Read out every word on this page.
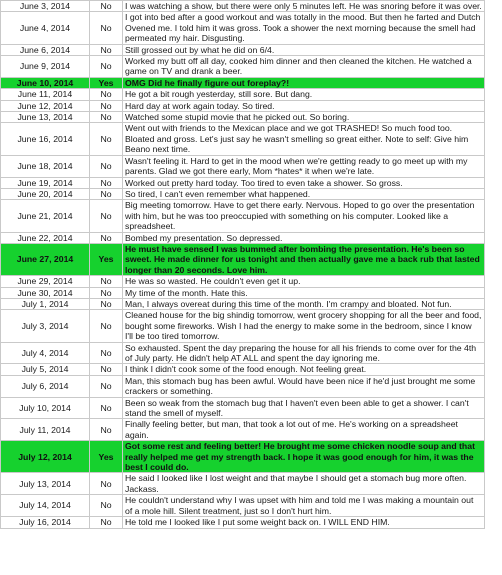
June 3, 2014	No	I was watching a show, but there were only 5 minutes left. He was snoring before it was over.
June 4, 2014	No	I got into bed after a good workout and was totally in the mood. But then he farted and Dutch Ovened me. I told him it was gross. Took a shower the next morning because the smell had permeated my hair. Disgusting.
June 6, 2014	No	Still grossed out by what he did on 6/4.
June 9, 2014	No	Worked my butt off all day, cooked him dinner and then cleaned the kitchen. He watched a game on TV and drank a beer.
June 10, 2014	Yes	OMG Did he finally figure out foreplay?!
June 11, 2014	No	He got a bit rough yesterday, still sore. But dang.
June 12, 2014	No	Hard day at work again today. So tired.
June 13, 2014	No	Watched some stupid movie that he picked out. So boring.
June 16, 2014	No	Went out with friends to the Mexican place and we got TRASHED! So much food too. Bloated and gross. Let's just say he wasn't smelling so great either. Note to self: Give him Beano next time.
June 18, 2014	No	Wasn't feeling it. Hard to get in the mood when we're getting ready to go meet up with my parents. Glad we got there early, Mom *hates* it when we're late.
June 19, 2014	No	Worked out pretty hard today. Too tired to even take a shower. So gross.
June 20, 2014	No	So tired, I can't even remember what happened.
June 21, 2014	No	Big meeting tomorrow. Have to get there early. Nervous. Hoped to go over the presentation with him, but he was too preoccupied with something on his computer. Looked like a spreadsheet.
June 22, 2014	No	Bombed my presentation. So depressed.
June 27, 2014	Yes	He must have sensed I was bummed after bombing the presentation. He's been so sweet. He made dinner for us tonight and then actually gave me a back rub that lasted longer than 20 seconds. Love him.
June 29, 2014	No	He was so wasted. He couldn't even get it up.
June 30, 2014	No	My time of the month. Hate this.
July 1, 2014	No	Man, I always overeat during this time of the month. I'm crampy and bloated. Not fun.
July 3, 2014	No	Cleaned house for the big shindig tomorrow, went grocery shopping for all the beer and food, bought some fireworks. Wish I had the energy to make some in the bedroom, since I know I'll be too tired tomorrow.
July 4, 2014	No	So exhausted. Spent the day preparing the house for all his friends to come over for the 4th of July party. He didn't help AT ALL and spent the day ignoring me.
July 5, 2014	No	I think I didn't cook some of the food enough. Not feeling great.
July 6, 2014	No	Man, this stomach bug has been awful. Would have been nice if he'd just brought me some crackers or something.
July 10, 2014	No	Been so weak from the stomach bug that I haven't even been able to get a shower. I can't stand the smell of myself.
July 11, 2014	No	Finally feeling better, but man, that took a lot out of me. He's working on a spreadsheet again.
July 12, 2014	Yes	Got some rest and feeling better! He brought me some chicken noodle soup and that really helped me get my strength back. I hope it was good enough for him, it was the best I could do.
July 13, 2014	No	He said I looked like I lost weight and that maybe I should get a stomach bug more often. Jackass.
July 14, 2014	No	He couldn't understand why I was upset with him and told me I was making a mountain out of a mole hill. Silent treatment, just so I don't hurt him.
July 16, 2014	No	He told me I looked like I put some weight back on. I WILL END HIM.
